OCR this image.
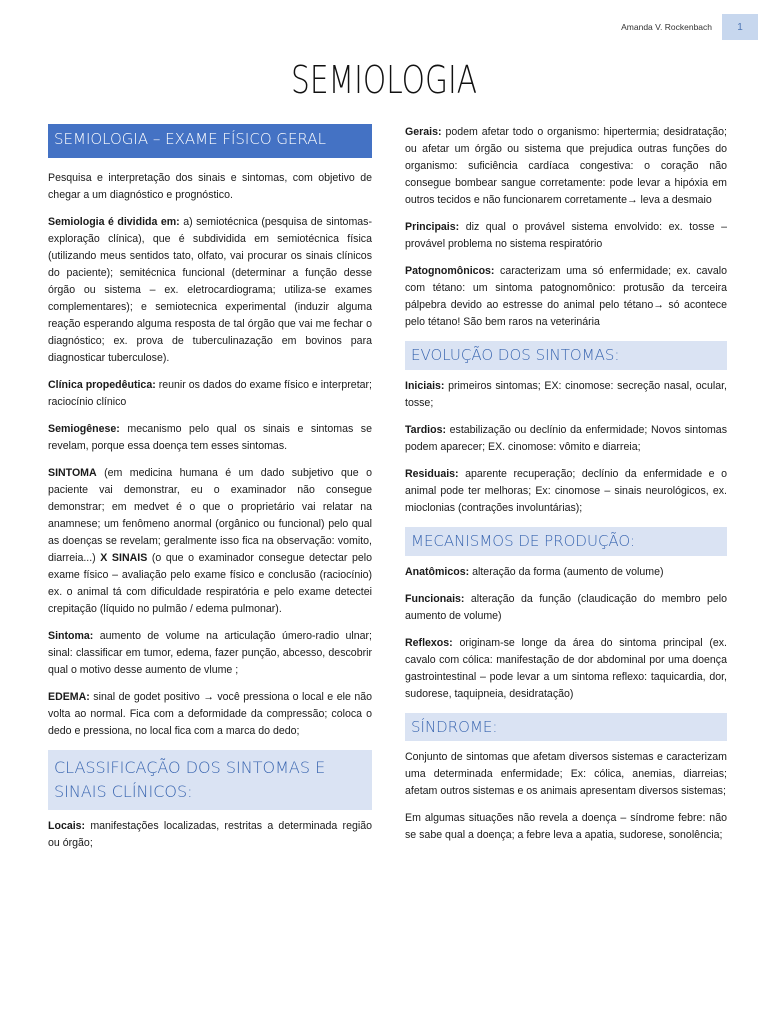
Amanda V. Rockenbach	1
SEMIOLOGIA
SEMIOLOGIA – EXAME FÍSICO GERAL

Pesquisa e interpretação dos sinais e sintomas, com objetivo de chegar a um diagnóstico e prognóstico.

Semiologia é dividida em: a) semiotécnica (pesquisa de sintomas-exploração clínica), que é subdividida em semiotécnica física (utilizando meus sentidos tato, olfato, vai procurar os sinais clínicos do paciente); semitécnica funcional (determinar a função desse órgão ou sistema – ex. eletrocardiograma; utiliza-se exames complementares); e semiotecnica experimental (induzir alguma reação esperando alguma resposta de tal órgão que vai me fechar o diagnóstico; ex. prova de tuberculinazação em bovinos para diagnosticar tuberculose).

Clínica propedêutica: reunir os dados do exame físico e interpretar; raciocínio clínico

Semiogênese: mecanismo pelo qual os sinais e sintomas se revelam, porque essa doença tem esses sintomas.

SINTOMA (em medicina humana é um dado subjetivo que o paciente vai demonstrar, eu o examinador não consegue demonstrar; em medvet é o que o proprietário vai relatar na anamnese; um fenômeno anormal (orgânico ou funcional) pelo qual as doenças se revelam; geralmente isso fica na observação: vomito, diarreia...) X SINAIS (o que o examinador consegue detectar pelo exame físico – avaliação pelo exame físico e conclusão (raciocínio) ex. o animal tá com dificuldade respiratória e pelo exame detectei crepitação (líquido no pulmão / edema pulmonar).

Sintoma: aumento de volume na articulação úmero-radio ulnar; sinal: classificar em tumor, edema, fazer punção, abcesso, descobrir qual o motivo desse aumento de vlume ;

EDEMA: sinal de godet positivo → você pressiona o local e ele não volta ao normal. Fica com a deformidade da compressão; coloca o dedo e pressiona, no local fica com a marca do dedo;

CLASSIFICAÇÃO DOS SINTOMAS E SINAIS CLÍNICOS:

Locais: manifestações localizadas, restritas a determinada região ou órgão;

Gerais: podem afetar todo o organismo: hipertermia; desidratação; ou afetar um órgão ou sistema que prejudica outras funções do organismo: suficiência cardíaca congestiva: o coração não consegue bombear sangue corretamente: pode levar a hipóxia em outros tecidos e não funcionarem corretamente→ leva a desmaio

Principais: diz qual o provável sistema envolvido: ex. tosse – provável problema no sistema respiratório

Patognomônicos: caracterizam uma só enfermidade; ex. cavalo com tétano: um sintoma patognomônico: protusão da terceira pálpebra devido ao estresse do animal pelo tétano→ só acontece pelo tétano! São bem raros na veterinária

EVOLUÇÃO DOS SINTOMAS:

Iniciais: primeiros sintomas; EX: cinomose: secreção nasal, ocular, tosse;

Tardios: estabilização ou declínio da enfermidade; Novos sintomas podem aparecer; EX. cinomose: vômito e diarreia;

Residuais: aparente recuperação; declínio da enfermidade e o animal pode ter melhoras; Ex: cinomose – sinais neurológicos, ex. mioclonias (contrações involuntárias);

MECANISMOS DE PRODUÇÃO:

Anatômicos: alteração da forma (aumento de volume)

Funcionais: alteração da função (claudicação do membro pelo aumento de volume)

Reflexos: originam-se longe da área do sintoma principal (ex. cavalo com cólica: manifestação de dor abdominal por uma doença gastrointestinal – pode levar a um sintoma reflexo: taquicardia, dor, sudorese, taquipneia, desidratação)

SÍNDROME:

Conjunto de sintomas que afetam diversos sistemas e caracterizam uma determinada enfermidade; Ex: cólica, anemias, diarreias; afetam outros sistemas e os animais apresentam diversos sistemas;

Em algumas situações não revela a doença – síndrome febre: não se sabe qual a doença; a febre leva a apatia, sudorese, sonolência;
